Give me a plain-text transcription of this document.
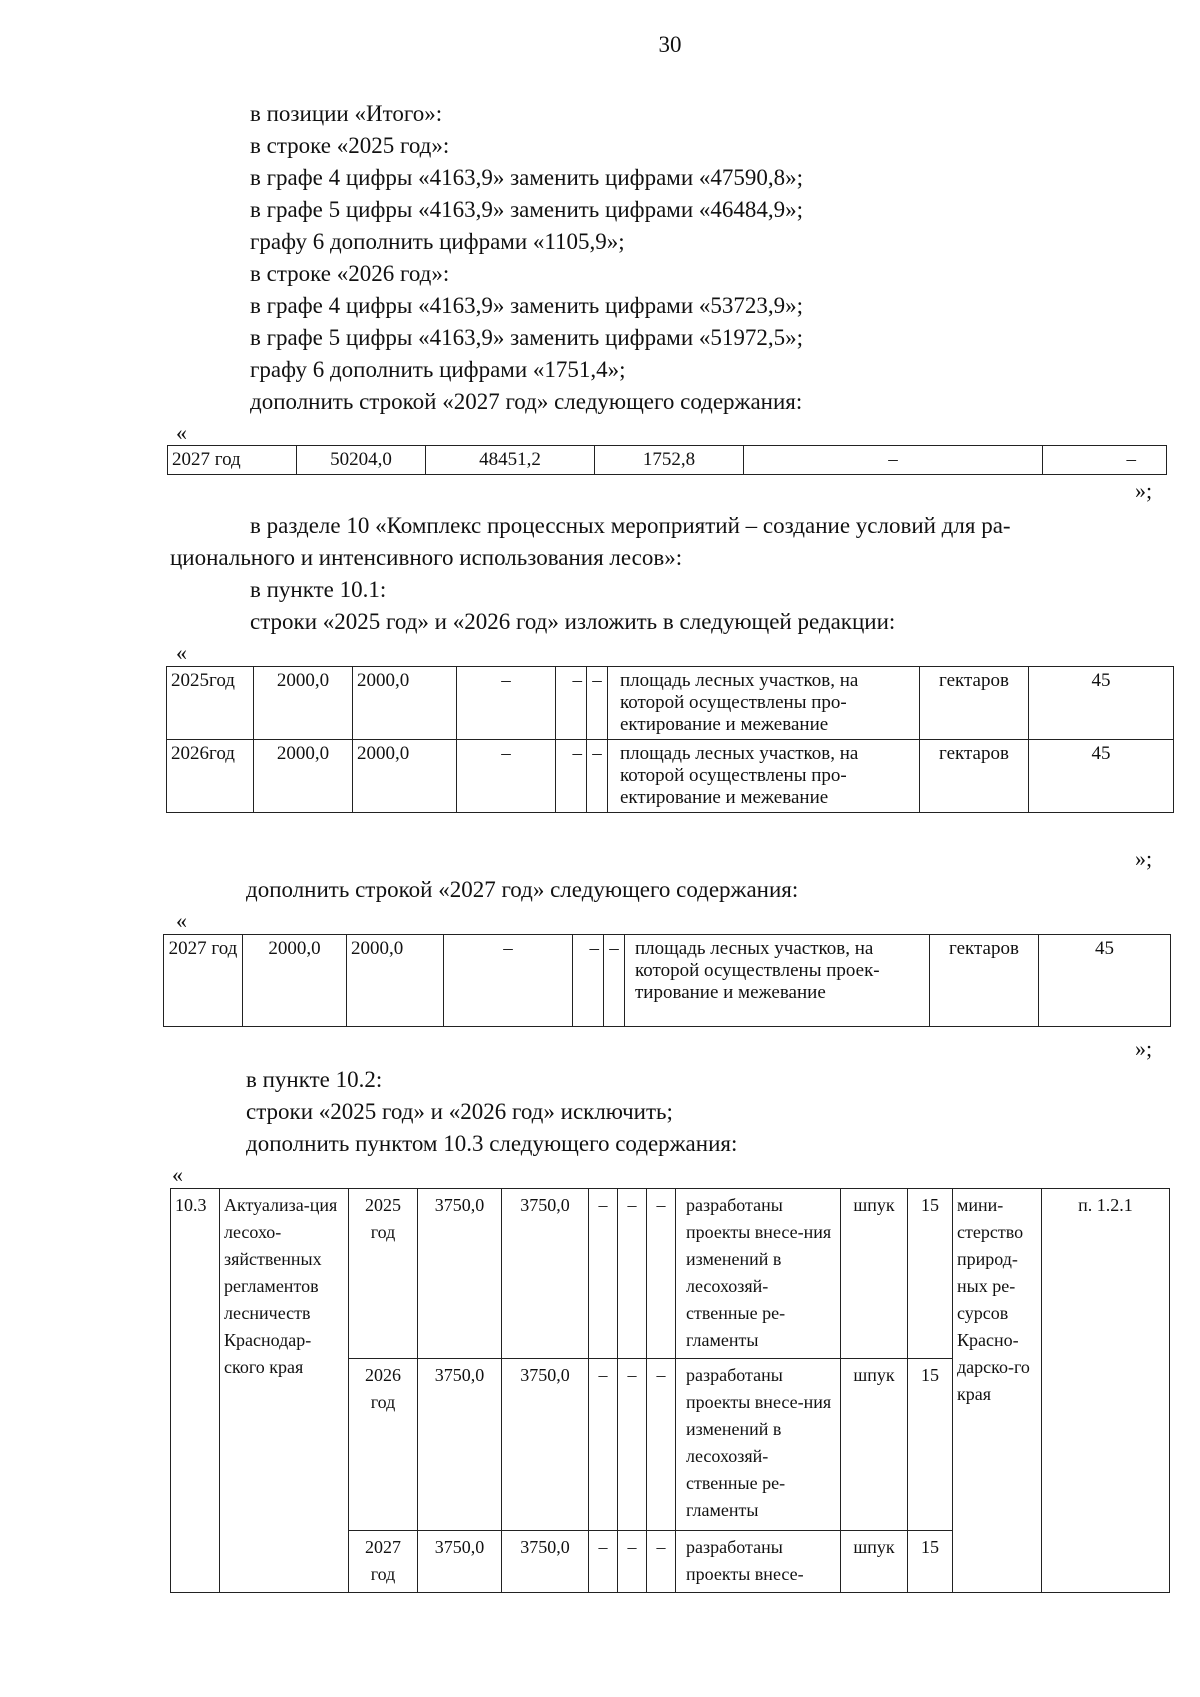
30
в позиции «Итого»:
в строке «2025 год»:
в графе 4 цифры «4163,9» заменить цифрами «47590,8»;
в графе 5 цифры «4163,9» заменить цифрами «46484,9»;
графу 6 дополнить цифрами «1105,9»;
в строке «2026 год»:
в графе 4 цифры «4163,9» заменить цифрами «53723,9»;
в графе 5 цифры «4163,9» заменить цифрами «51972,5»;
графу 6 дополнить цифрами «1751,4»;
дополнить строкой «2027 год» следующего содержания:
«
2027 год	50204,0	48451,2	1752,8	–	–
»;
в разделе 10 «Комплекс процессных мероприятий – создание условий для ра-
ционального и интенсивного использования лесов»:
в пункте 10.1:
строки «2025 год» и «2026 год» изложить в следующей редакции:
«
2025год	2000,0	2000,0	–	–	–	площадь лесных участков, на которой осуществлены про-ектирование и межевание	гектаров	45
2026год	2000,0	2000,0	–	–	–	площадь лесных участков, на которой осуществлены про-ектирование и межевание	гектаров	45
»;
дополнить строкой «2027 год» следующего содержания:
«
2027 год	2000,0	2000,0	–	–	–	площадь лесных участков, на которой осуществлены проек-тирование и межевание	гектаров	45
»;
в пункте 10.2:
строки «2025 год» и «2026 год» исключить;
дополнить пунктом 10.3 следующего содержания:
«
10.3	Актуализа-ция лесохо-зяйственных регламентов лесничеств Краснодар-ского края	2025 год	3750,0	3750,0	–	–	–	разработаны проекты внесе-ния изменений в лесохозяй-ственные ре-гламенты	шпук	15	мини-стерство природ-ных ре-сурсов Красно-дарско-го края	п. 1.2.1
		2026 год	3750,0	3750,0	–	–	–	разработаны проекты внесе-ния изменений в лесохозяй-ственные ре-гламенты	шпук	15		
		2027 год	3750,0	3750,0	–	–	–	разработаны проекты внесе-	шпук	15		
